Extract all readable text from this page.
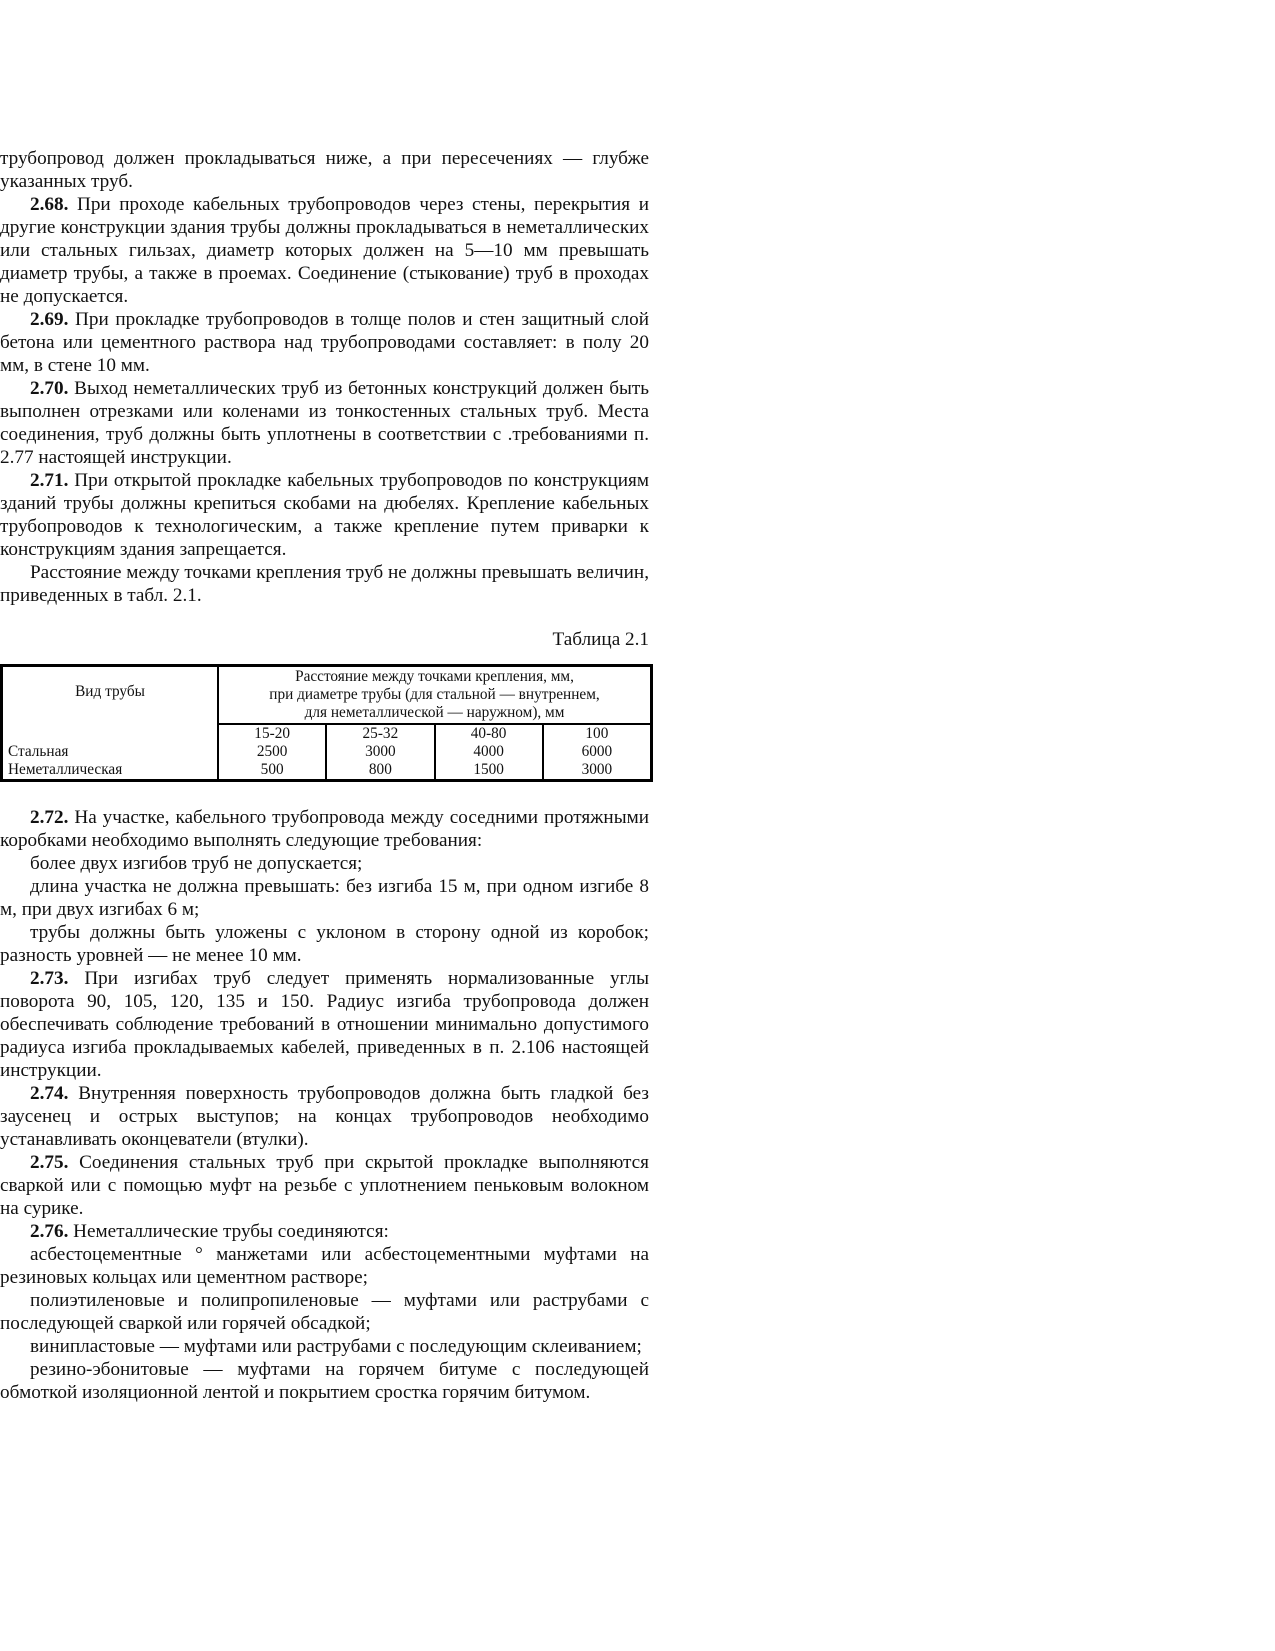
трубопровод должен прокладываться ниже, а при пересечениях — глубже указанных труб.

2.68. При проходе кабельных трубопроводов через стены, перекрытия и другие конструкции здания трубы должны прокладываться в неметаллических или стальных гильзах, диаметр которых должен на 5—10 мм превышать диаметр трубы, а также в проемах. Соединение (стыкование) труб в проходах не допускается.

2.69. При прокладке трубопроводов в толще полов и стен защитный слой бетона или цементного раствора над трубопроводами составляет: в полу 20 мм, в стене 10 мм.

2.70. Выход неметаллических труб из бетонных конструкций должен быть выполнен отрезками или коленами из тонкостенных стальных труб. Места соединения, труб должны быть уплотнены в соответствии с .требованиями п. 2.77 настоящей инструкции.

2.71. При открытой прокладке кабельных трубопроводов по конструкциям зданий трубы должны крепиться скобами на дюбелях. Крепление кабельных трубопроводов к технологическим, а также крепление путем приварки к конструкциям здания запрещается.

Расстояние между точками крепления труб не должны превышать величин, приведенных в табл. 2.1.

Таблица 2.1

Вид трубы	Расстояние между точками крепления, мм,
при диаметре трубы (для стальной — внутреннем,
для неметаллической — наружном), мм			

	15-20	25-32	40-80	100
Стальная	2500	3000	4000	6000
Неметаллическая	500	800	1500	3000

2.72. На участке, кабельного трубопровода между соседними протяжными коробками необходимо выполнять следующие требования:

более двух изгибов труб не допускается;

длина участка не должна превышать: без изгиба 15 м, при одном изгибе 8 м, при двух изгибах 6 м;

трубы должны быть уложены с уклоном в сторону одной из коробок; разность уровней — не менее 10 мм.

2.73. При изгибах труб следует применять нормализованные углы поворота 90, 105, 120, 135 и 150. Радиус изгиба трубопровода должен обеспечивать соблюдение требований в отношении минимально допустимого радиуса изгиба прокладываемых кабелей, приведенных в п. 2.106 настоящей инструкции.

2.74. Внутренняя поверхность трубопроводов должна быть гладкой без заусенец и острых выступов; на концах трубопроводов необходимо устанавливать оконцеватели (втулки).

2.75. Соединения стальных труб при скрытой прокладке выполняются сваркой или с помощью муфт на резьбе с уплотнением пеньковым волокном на сурике.

2.76. Неметаллические трубы соединяются:

асбестоцементные ° манжетами или асбестоцементными муфтами на резиновых кольцах или цементном растворе;

полиэтиленовые и полипропиленовые — муфтами или раструбами с последующей сваркой или горячей обсадкой;

винипластовые — муфтами или раструбами с последующим склеиванием;

резино-эбонитовые — муфтами на горячем битуме с последующей обмоткой изоляционной лентой и покрытием сростка горячим битумом.
